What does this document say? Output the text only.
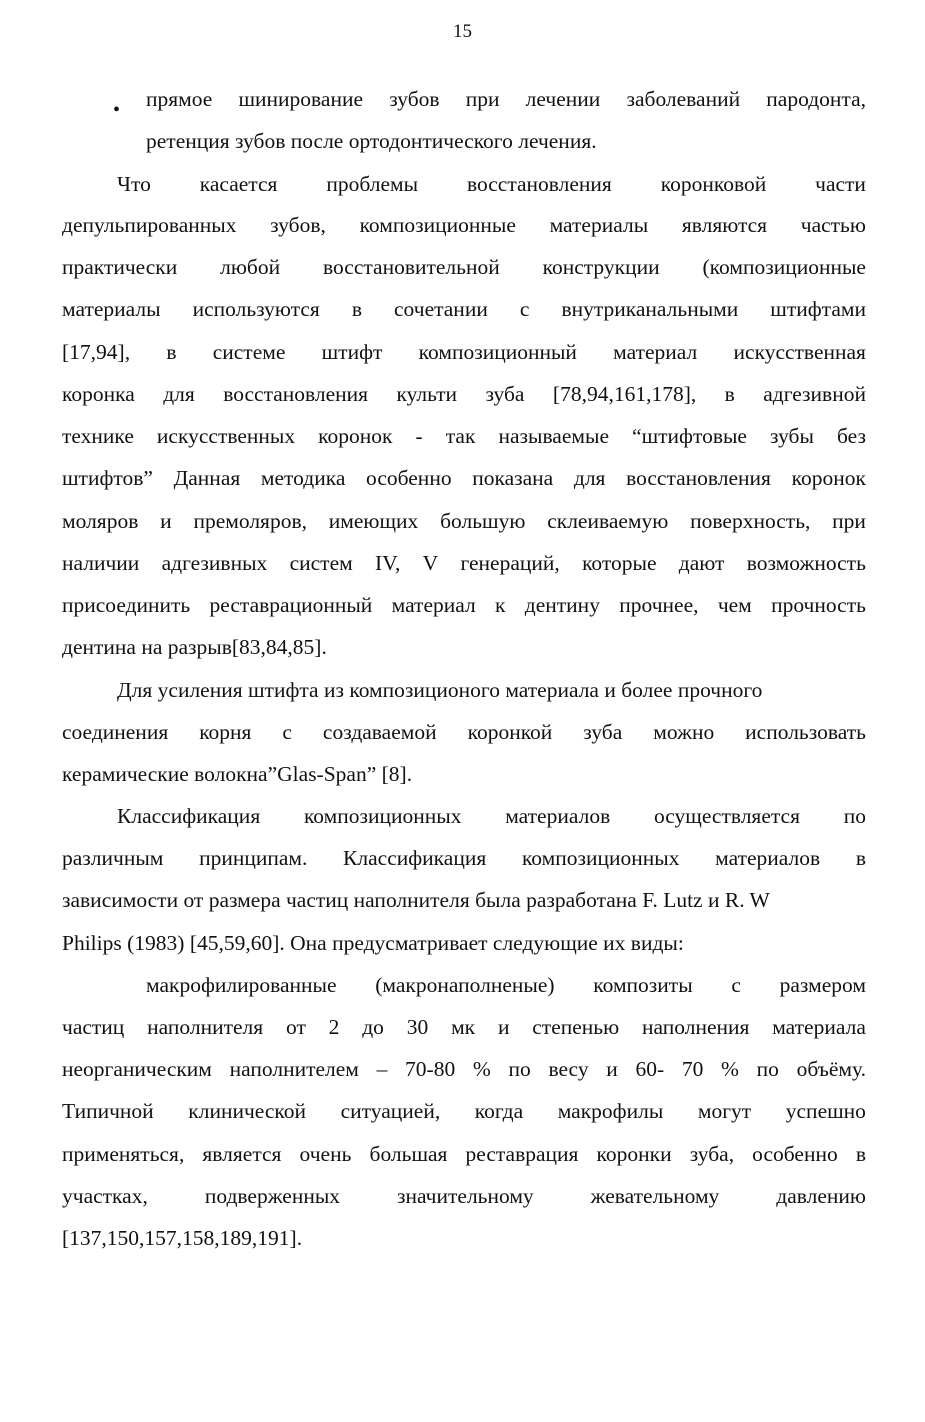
15
• прямое шинирование зубов при лечении заболеваний пародонта,
ретенция зубов после ортодонтического лечения.
Что касается проблемы восстановления коронковой части
депульпированных зубов, композиционные материалы являются частью
практически любой восстановительной конструкции (композиционные
материалы используются в сочетании с внутриканальными штифтами
[17,94], в системе штифт композиционный материал искусственная
коронка для восстановления культи зуба [78,94,161,178], в адгезивной
технике искусственных коронок - так называемые “штифтовые зубы без
штифтов” Данная методика особенно показана для восстановления коронок
моляров и премоляров, имеющих большую склеиваемую поверхность, при
наличии адгезивных систем IV, V генераций, которые дают возможность
присоединить реставрационный материал к дентину прочнее, чем прочность
дентина на разрыв[83,84,85].
Для усиления штифта из композиционого материала и более прочного
соединения корня с создаваемой коронкой зуба можно использовать
керамические волокна”Glas-Span” [8].
Классификация композиционных материалов осуществляется по
различным принципам. Классификация композиционных материалов в
зависимости от размера частиц наполнителя была разработана F. Lutz и R. W
Philips (1983) [45,59,60]. Она предусматривает следующие их виды:
макрофилированные (макронаполненые) композиты с размером
частиц наполнителя от 2 до 30 мк и степенью наполнения материала
неорганическим наполнителем – 70-80 % по весу и 60- 70 % по объёму.
Типичной клинической ситуацией, когда макрофилы могут успешно
применяться, является очень большая реставрация коронки зуба, особенно в
участках,	подверженных	значительному	жевательному	давлению
[137,150,157,158,189,191].
